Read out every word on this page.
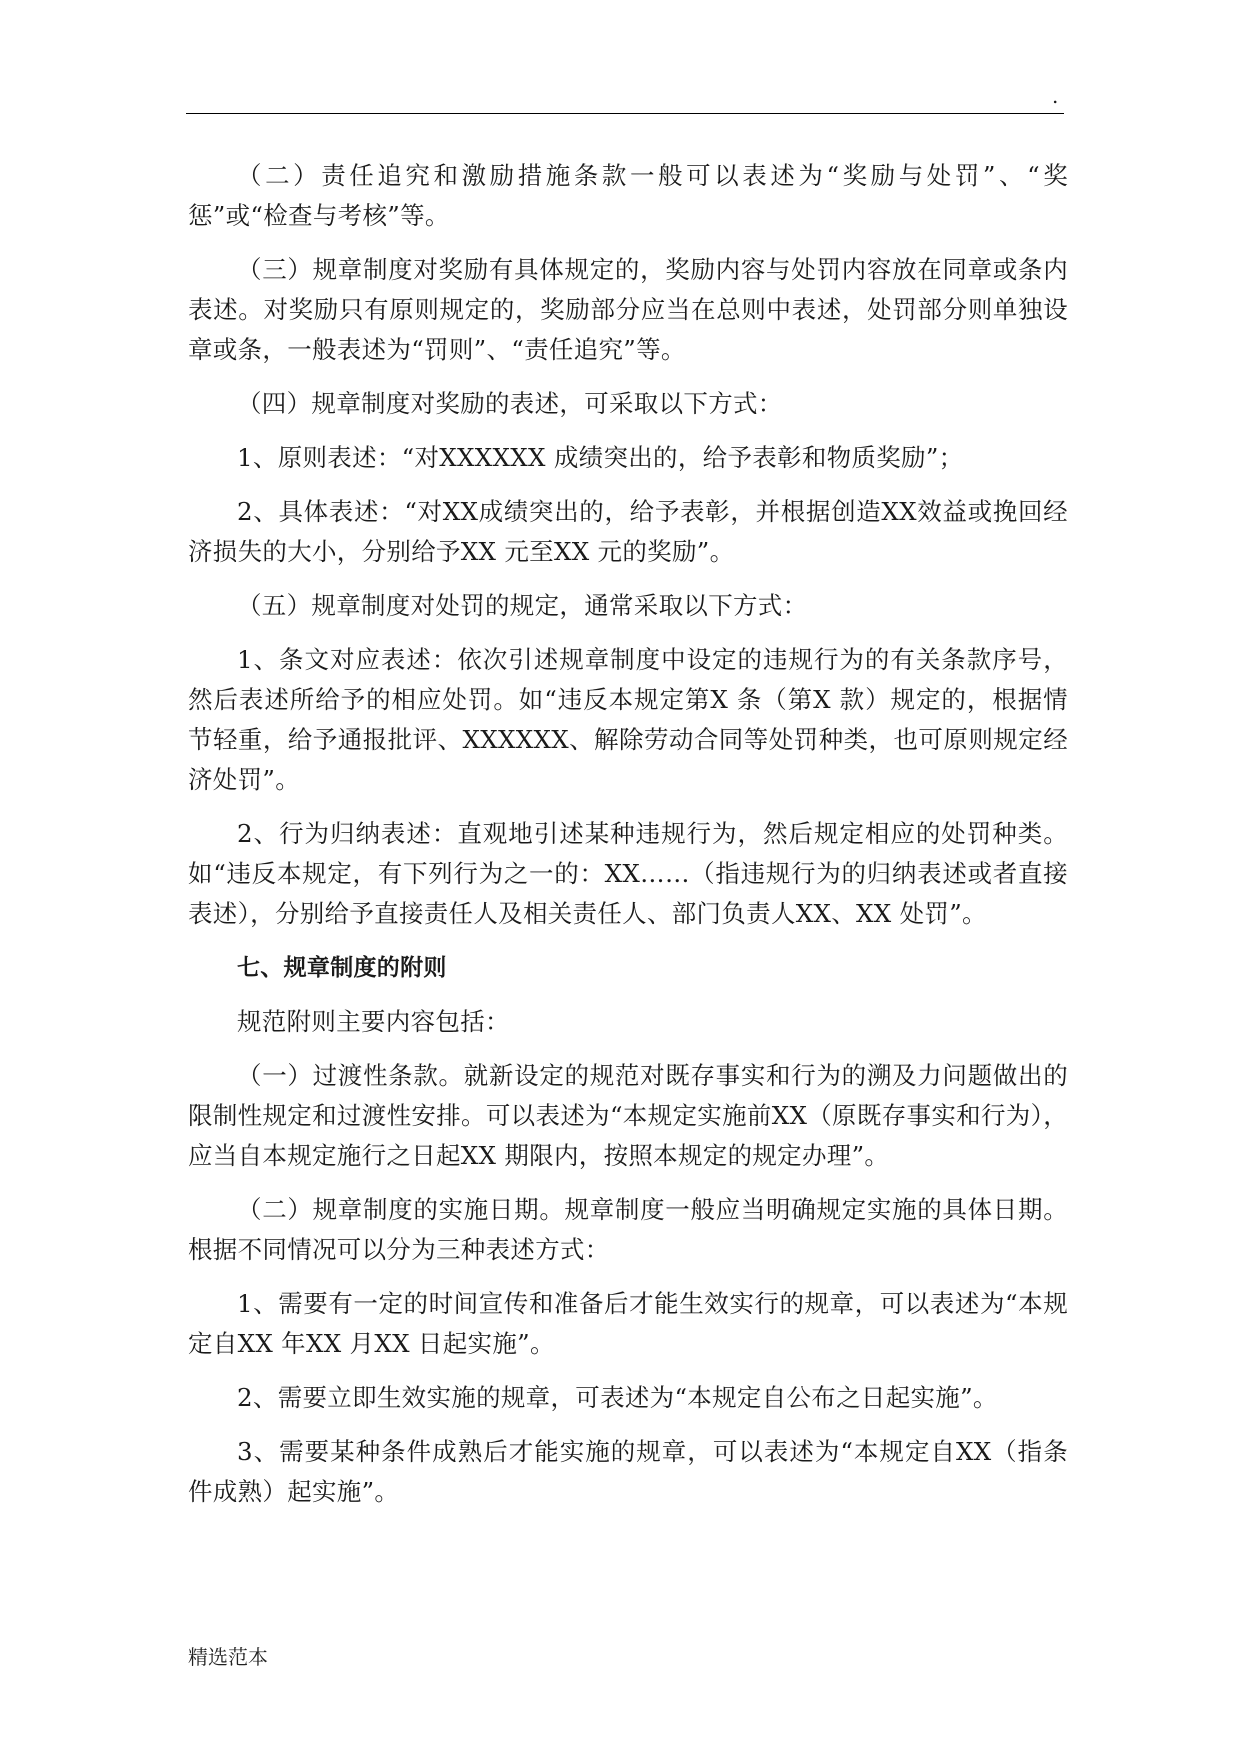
.

（二）责任追究和激励措施条款一般可以表述为“奖励与处罚”、“奖惩”或“检查与考核”等。

（三）规章制度对奖励有具体规定的，奖励内容与处罚内容放在同章或条内表述。对奖励只有原则规定的，奖励部分应当在总则中表述，处罚部分则单独设章或条，一般表述为“罚则”、“责任追究”等。

（四）规章制度对奖励的表述，可采取以下方式：

1、原则表述：“对XXXXXX 成绩突出的，给予表彰和物质奖励”；

2、具体表述：“对XX成绩突出的，给予表彰，并根据创造XX效益或挽回经济损失的大小，分别给予XX 元至XX 元的奖励”。

（五）规章制度对处罚的规定，通常采取以下方式：

1、条文对应表述：依次引述规章制度中设定的违规行为的有关条款序号，然后表述所给予的相应处罚。如“违反本规定第X 条（第X 款）规定的，根据情节轻重，给予通报批评、XXXXXX、解除劳动合同等处罚种类，也可原则规定经济处罚”。

2、行为归纳表述：直观地引述某种违规行为，然后规定相应的处罚种类。如“违反本规定，有下列行为之一的：XX……（指违规行为的归纳表述或者直接表述），分别给予直接责任人及相关责任人、部门负责人XX、XX 处罚”。

七、规章制度的附则

规范附则主要内容包括：

（一）过渡性条款。就新设定的规范对既存事实和行为的溯及力问题做出的限制性规定和过渡性安排。可以表述为“本规定实施前XX（原既存事实和行为），应当自本规定施行之日起XX 期限内，按照本规定的规定办理”。

（二）规章制度的实施日期。规章制度一般应当明确规定实施的具体日期。根据不同情况可以分为三种表述方式：

1、需要有一定的时间宣传和准备后才能生效实行的规章，可以表述为“本规定自XX 年XX 月XX 日起实施”。

2、需要立即生效实施的规章，可表述为“本规定自公布之日起实施”。

3、需要某种条件成熟后才能实施的规章，可以表述为“本规定自XX（指条件成熟）起实施”。

精选范本
